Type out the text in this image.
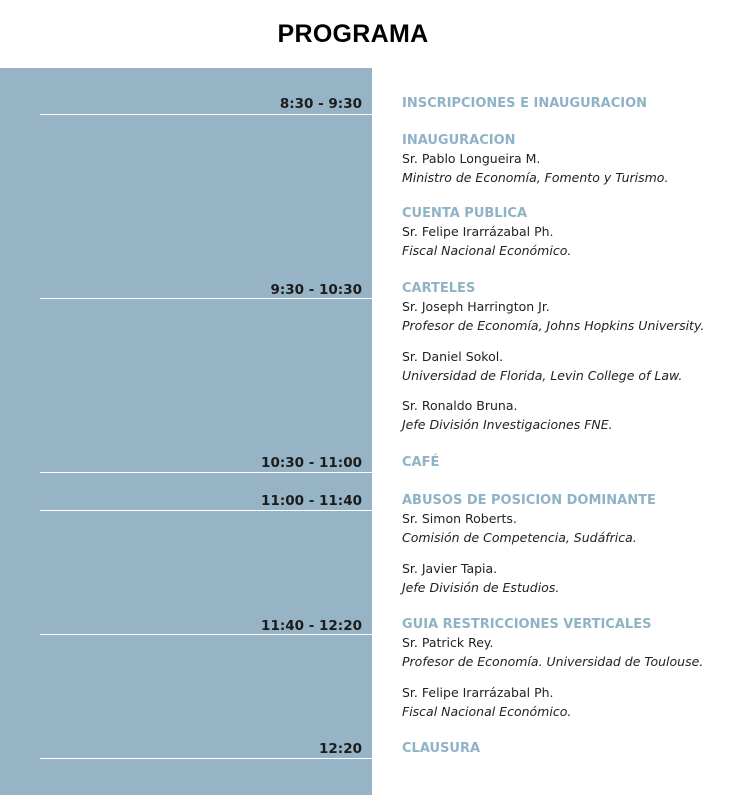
PROGRAMA
8:30 - 9:30
9:30 - 10:30
10:30 - 11:00
11:00 - 11:40
11:40 - 12:20
12:20
INSCRIPCIONES E INAUGURACION
INAUGURACION
Sr. Pablo Longueira M.
Ministro de Economía, Fomento y Turismo.
CUENTA PUBLICA
Sr. Felipe Irarrázabal Ph.
Fiscal Nacional Económico.
CARTELES
Sr. Joseph Harrington Jr.
Profesor de Economía, Johns Hopkins University.
Sr. Daniel Sokol.
Universidad de Florida, Levin College of Law.
Sr. Ronaldo Bruna.
Jefe División Investigaciones FNE.
CAFÉ
ABUSOS DE POSICION DOMINANTE
Sr. Simon Roberts.
Comisión de Competencia, Sudáfrica.
Sr. Javier Tapia.
Jefe División de Estudios.
GUIA RESTRICCIONES VERTICALES
Sr. Patrick Rey.
Profesor de Economía. Universidad de Toulouse.
Sr. Felipe Irarrázabal Ph.
Fiscal Nacional Económico.
CLAUSURA
